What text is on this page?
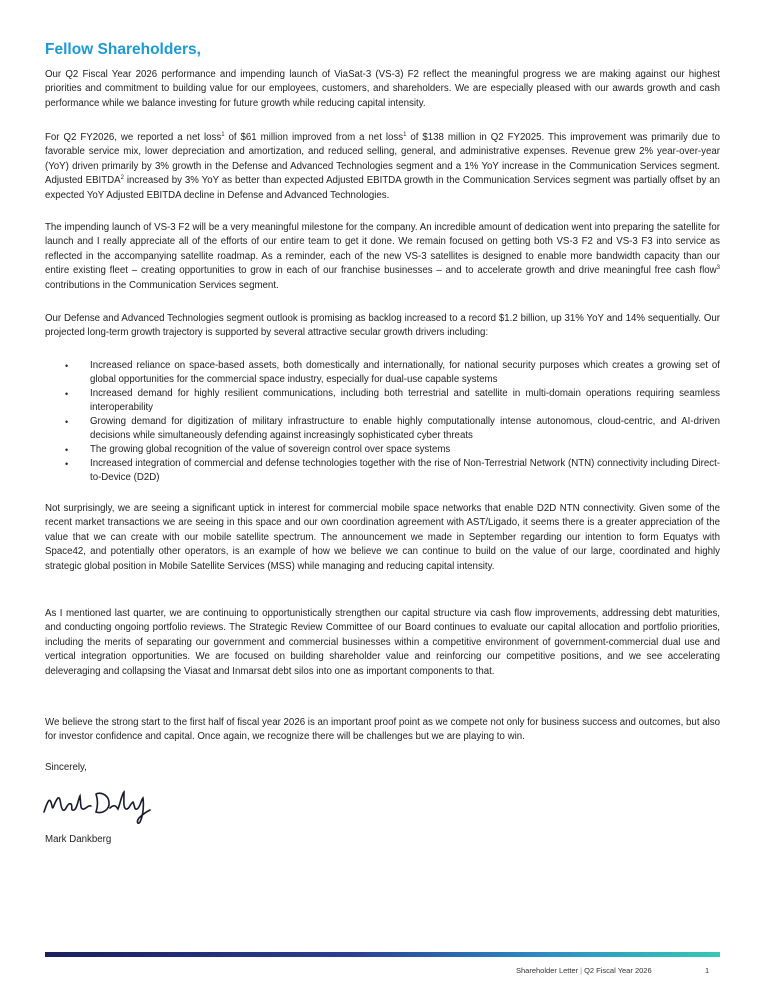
Fellow Shareholders,

Our Q2 Fiscal Year 2026 performance and impending launch of ViaSat-3 (VS-3) F2 reflect the meaningful progress we are making against our highest priorities and commitment to building value for our employees, customers, and shareholders. We are especially pleased with our awards growth and cash performance while we balance investing for future growth while reducing capital intensity.

For Q2 FY2026, we reported a net loss$^1$ of $61 million improved from a net loss$^1$ of $138 million in Q2 FY2025. This improvement was primarily due to favorable service mix, lower depreciation and amortization, and reduced selling, general, and administrative expenses. Revenue grew 2% year-over-year (YoY) driven primarily by 3% growth in the Defense and Advanced Technologies segment and a 1% YoY increase in the Communication Services segment. Adjusted EBITDA$^2$ increased by 3% YoY as better than expected Adjusted EBITDA growth in the Communication Services segment was partially offset by an expected YoY Adjusted EBITDA decline in Defense and Advanced Technologies.

The impending launch of VS-3 F2 will be a very meaningful milestone for the company. An incredible amount of dedication went into preparing the satellite for launch and I really appreciate all of the efforts of our entire team to get it done. We remain focused on getting both VS-3 F2 and VS-3 F3 into service as reflected in the accompanying satellite roadmap. As a reminder, each of the new VS-3 satellites is designed to enable more bandwidth capacity than our entire existing fleet – creating opportunities to grow in each of our franchise businesses – and to accelerate growth and drive meaningful free cash flow$^3$ contributions in the Communication Services segment.

Our Defense and Advanced Technologies segment outlook is promising as backlog increased to a record $1.2 billion, up 31% YoY and 14% sequentially. Our projected long-term growth trajectory is supported by several attractive secular growth drivers including:

• Increased reliance on space-based assets, both domestically and internationally, for national security purposes which creates a growing set of global opportunities for the commercial space industry, especially for dual-use capable systems
• Increased demand for highly resilient communications, including both terrestrial and satellite in multi-domain operations requiring seamless interoperability
• Growing demand for digitization of military infrastructure to enable highly computationally intense autonomous, cloud-centric, and AI-driven decisions while simultaneously defending against increasingly sophisticated cyber threats
• The growing global recognition of the value of sovereign control over space systems
• Increased integration of commercial and defense technologies together with the rise of Non-Terrestrial Network (NTN) connectivity including Direct-to-Device (D2D)

Not surprisingly, we are seeing a significant uptick in interest for commercial mobile space networks that enable D2D NTN connectivity. Given some of the recent market transactions we are seeing in this space and our own coordination agreement with AST/Ligado, it seems there is a greater appreciation of the value that we can create with our mobile satellite spectrum. The announcement we made in September regarding our intention to form Equatys with Space42, and potentially other operators, is an example of how we believe we can continue to build on the value of our large, coordinated and highly strategic global position in Mobile Satellite Services (MSS) while managing and reducing capital intensity.

As I mentioned last quarter, we are continuing to opportunistically strengthen our capital structure via cash flow improvements, addressing debt maturities, and conducting ongoing portfolio reviews. The Strategic Review Committee of our Board continues to evaluate our capital allocation and portfolio priorities, including the merits of separating our government and commercial businesses within a competitive environment of government-commercial dual use and vertical integration opportunities. We are focused on building shareholder value and reinforcing our competitive positions, and we see accelerating deleveraging and collapsing the Viasat and Inmarsat debt silos into one as important components to that.

We believe the strong start to the first half of fiscal year 2026 is an important proof point as we compete not only for business success and outcomes, but also for investor confidence and capital. Once again, we recognize there will be challenges but we are playing to win.

Sincerely,
Mark Dankberg
Shareholder Letter | Q2 Fiscal Year 2026	1
